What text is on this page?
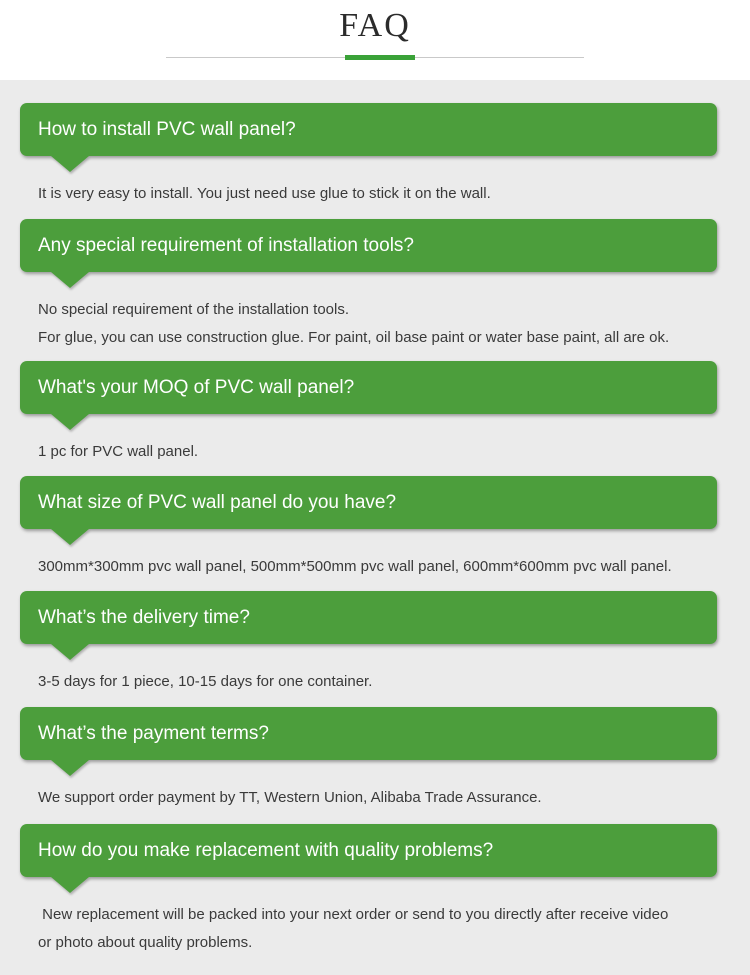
FAQ
How to install PVC wall panel?
It is very easy to install. You just need use glue to stick it on the wall.
Any special requirement of installation tools?
No special requirement of the installation tools.
For glue, you can use construction glue. For paint, oil base paint or water base paint, all are ok.
What's your MOQ of PVC wall panel?
1 pc for PVC wall panel.
What size of PVC wall panel do you have?
300mm*300mm pvc wall panel, 500mm*500mm pvc wall panel, 600mm*600mm pvc wall panel.
What’s the delivery time?
3-5 days for 1 piece, 10-15 days for one container.
What’s the payment terms?
We support order payment by TT, Western Union, Alibaba Trade Assurance.
How do you make replacement with quality problems?
New replacement will be packed into your next order or send to you directly after receive video
or photo about quality problems.
